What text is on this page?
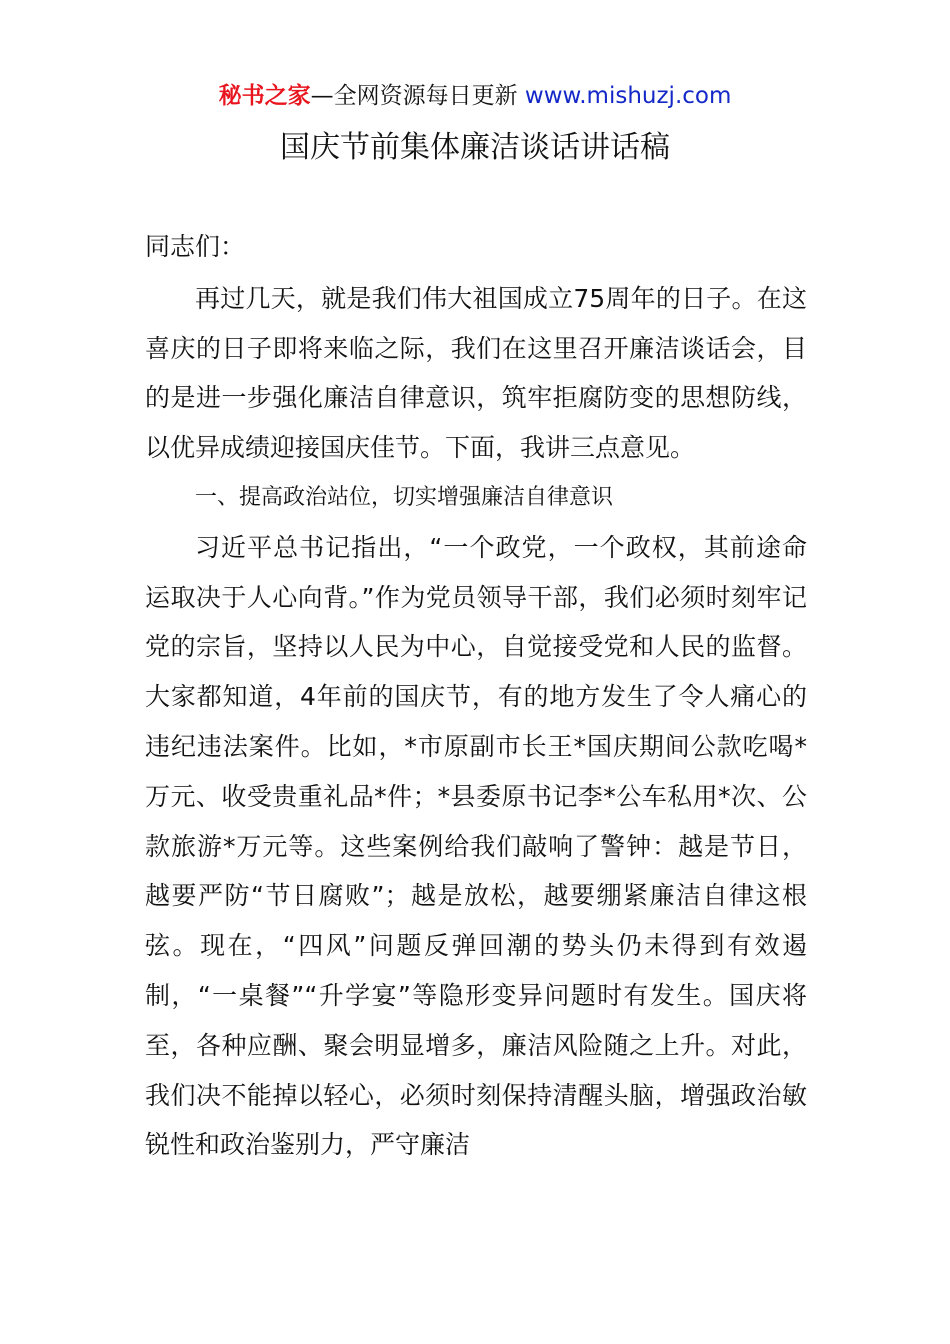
秘书之家—全网资源每日更新 www.mishuzj.com
国庆节前集体廉洁谈话讲话稿

同志们：

再过几天，就是我们伟大祖国成立75周年的日子。在这喜庆的日子即将来临之际，我们在这里召开廉洁谈话会，目的是进一步强化廉洁自律意识，筑牢拒腐防变的思想防线，以优异成绩迎接国庆佳节。下面，我讲三点意见。

一、提高政治站位，切实增强廉洁自律意识

习近平总书记指出，“一个政党，一个政权，其前途命运取决于人心向背。”作为党员领导干部，我们必须时刻牢记党的宗旨，坚持以人民为中心，自觉接受党和人民的监督。大家都知道，4年前的国庆节，有的地方发生了令人痛心的违纪违法案件。比如，*市原副市长王*国庆期间公款吃喝*万元、收受贵重礼品*件；*县委原书记李*公车私用*次、公款旅游*万元等。这些案例给我们敲响了警钟：越是节日，越要严防“节日腐败”；越是放松，越要绷紧廉洁自律这根弦。现在，“四风”问题反弹回潮的势头仍未得到有效遏制，“一桌餐”“升学宴”等隐形变异问题时有发生。国庆将至，各种应酬、聚会明显增多，廉洁风险随之上升。对此，我们决不能掉以轻心，必须时刻保持清醒头脑，增强政治敏锐性和政治鉴别力，严守廉洁
